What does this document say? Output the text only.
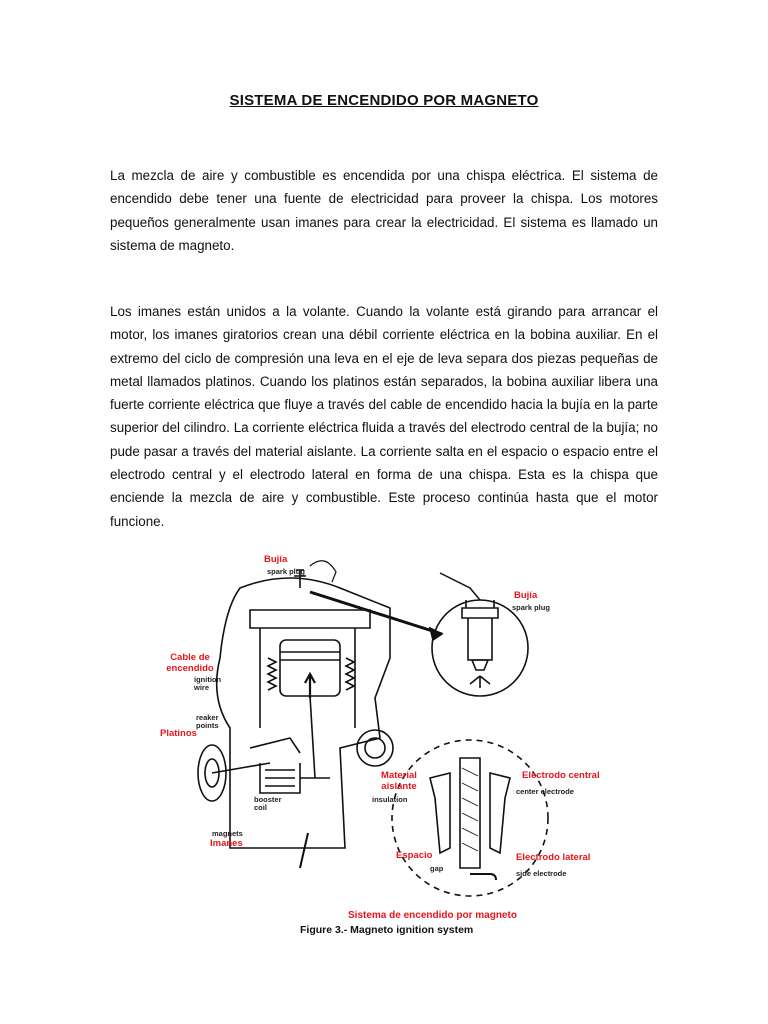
SISTEMA DE ENCENDIDO POR MAGNETO

La mezcla de aire y combustible es encendida por una chispa eléctrica. El sistema de encendido debe tener una fuente de electricidad para proveer la chispa. Los motores pequeños generalmente usan imanes para crear la electricidad. El sistema es llamado un sistema de magneto.

Los imanes están unidos a la volante. Cuando la volante está girando para arrancar el motor, los imanes giratorios crean una débil corriente eléctrica en la bobina auxiliar. En el extremo del ciclo de compresión una leva en el eje de leva separa dos piezas pequeñas de metal llamados platinos. Cuando los platinos están separados, la bobina auxiliar libera una fuerte corriente eléctrica que fluye a través del cable de encendido hacia la bujía en la parte superior del cilindro. La corriente eléctrica fluida a través del electrodo central de la bujía; no pude pasar a través del material aislante. La corriente salta en el espacio o espacio entre el electrodo central y el electrodo lateral en forma de una chispa. Esta es la chispa que enciende la mezcla de aire y combustible. Este proceso continúa hasta que el motor funcione.

Bujía
spark plug
Bujía
spark plug
Cable de encendido
ignition wire
reaker points
Platinos
booster coil
magnets
Imanes
Material aislante
insulation
Electrodo central
center electrode
Espacio
gap
Electrodo lateral
side electrode
Sistema de encendido por magneto
Figure 3.- Magneto ignition system
